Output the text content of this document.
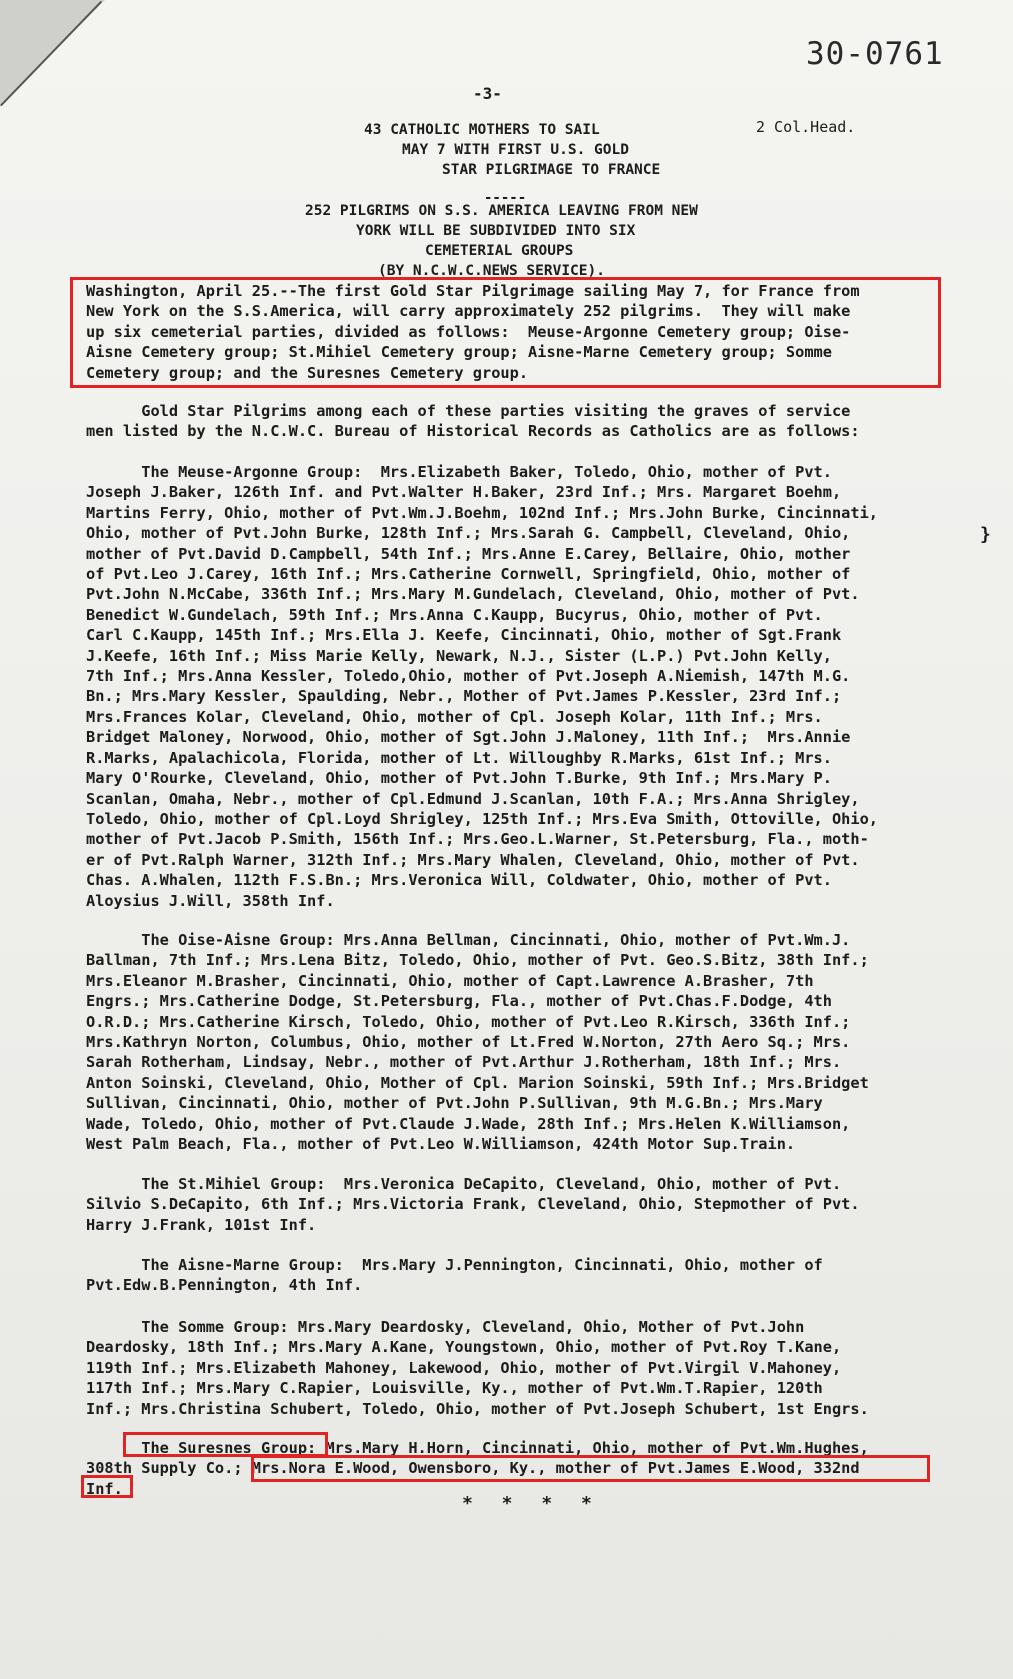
30-0761
-3-
43 CATHOLIC MOTHERS TO SAIL
MAY 7 WITH FIRST U.S. GOLD
STAR PILGRIMAGE TO FRANCE
2 Col.Head.
-----
252 PILGRIMS ON S.S. AMERICA LEAVING FROM NEW
YORK WILL BE SUBDIVIDED INTO SIX
CEMETERIAL GROUPS
(BY N.C.W.C.NEWS SERVICE).
Washington, April 25.--The first Gold Star Pilgrimage sailing May 7, for France from
New York on the S.S.America, will carry approximately 252 pilgrims.  They will make
up six cemeterial parties, divided as follows:  Meuse-Argonne Cemetery group; Oise-
Aisne Cemetery group; St.Mihiel Cemetery group; Aisne-Marne Cemetery group; Somme
Cemetery group; and the Suresnes Cemetery group.
Gold Star Pilgrims among each of these parties visiting the graves of service
men listed by the N.C.W.C. Bureau of Historical Records as Catholics are as follows:
The Meuse-Argonne Group:  Mrs.Elizabeth Baker, Toledo, Ohio, mother of Pvt.
Joseph J.Baker, 126th Inf. and Pvt.Walter H.Baker, 23rd Inf.; Mrs. Margaret Boehm,
Martins Ferry, Ohio, mother of Pvt.Wm.J.Boehm, 102nd Inf.; Mrs.John Burke, Cincinnati,
Ohio, mother of Pvt.John Burke, 128th Inf.; Mrs.Sarah G. Campbell, Cleveland, Ohio,
mother of Pvt.David D.Campbell, 54th Inf.; Mrs.Anne E.Carey, Bellaire, Ohio, mother
of Pvt.Leo J.Carey, 16th Inf.; Mrs.Catherine Cornwell, Springfield, Ohio, mother of
Pvt.John N.McCabe, 336th Inf.; Mrs.Mary M.Gundelach, Cleveland, Ohio, mother of Pvt.
Benedict W.Gundelach, 59th Inf.; Mrs.Anna C.Kaupp, Bucyrus, Ohio, mother of Pvt.
Carl C.Kaupp, 145th Inf.; Mrs.Ella J. Keefe, Cincinnati, Ohio, mother of Sgt.Frank
J.Keefe, 16th Inf.; Miss Marie Kelly, Newark, N.J., Sister (L.P.) Pvt.John Kelly,
7th Inf.; Mrs.Anna Kessler, Toledo,Ohio, mother of Pvt.Joseph A.Niemish, 147th M.G.
Bn.; Mrs.Mary Kessler, Spaulding, Nebr., Mother of Pvt.James P.Kessler, 23rd Inf.;
Mrs.Frances Kolar, Cleveland, Ohio, mother of Cpl. Joseph Kolar, 11th Inf.; Mrs.
Bridget Maloney, Norwood, Ohio, mother of Sgt.John J.Maloney, 11th Inf.;  Mrs.Annie
R.Marks, Apalachicola, Florida, mother of Lt. Willoughby R.Marks, 61st Inf.; Mrs.
Mary O'Rourke, Cleveland, Ohio, mother of Pvt.John T.Burke, 9th Inf.; Mrs.Mary P.
Scanlan, Omaha, Nebr., mother of Cpl.Edmund J.Scanlan, 10th F.A.; Mrs.Anna Shrigley,
Toledo, Ohio, mother of Cpl.Loyd Shrigley, 125th Inf.; Mrs.Eva Smith, Ottoville, Ohio,
mother of Pvt.Jacob P.Smith, 156th Inf.; Mrs.Geo.L.Warner, St.Petersburg, Fla., moth-
er of Pvt.Ralph Warner, 312th Inf.; Mrs.Mary Whalen, Cleveland, Ohio, mother of Pvt.
Chas. A.Whalen, 112th F.S.Bn.; Mrs.Veronica Will, Coldwater, Ohio, mother of Pvt.
Aloysius J.Will, 358th Inf.
The Oise-Aisne Group: Mrs.Anna Bellman, Cincinnati, Ohio, mother of Pvt.Wm.J.
Ballman, 7th Inf.; Mrs.Lena Bitz, Toledo, Ohio, mother of Pvt. Geo.S.Bitz, 38th Inf.;
Mrs.Eleanor M.Brasher, Cincinnati, Ohio, mother of Capt.Lawrence A.Brasher, 7th
Engrs.; Mrs.Catherine Dodge, St.Petersburg, Fla., mother of Pvt.Chas.F.Dodge, 4th
O.R.D.; Mrs.Catherine Kirsch, Toledo, Ohio, mother of Pvt.Leo R.Kirsch, 336th Inf.;
Mrs.Kathryn Norton, Columbus, Ohio, mother of Lt.Fred W.Norton, 27th Aero Sq.; Mrs.
Sarah Rotherham, Lindsay, Nebr., mother of Pvt.Arthur J.Rotherham, 18th Inf.; Mrs.
Anton Soinski, Cleveland, Ohio, Mother of Cpl. Marion Soinski, 59th Inf.; Mrs.Bridget
Sullivan, Cincinnati, Ohio, mother of Pvt.John P.Sullivan, 9th M.G.Bn.; Mrs.Mary
Wade, Toledo, Ohio, mother of Pvt.Claude J.Wade, 28th Inf.; Mrs.Helen K.Williamson,
West Palm Beach, Fla., mother of Pvt.Leo W.Williamson, 424th Motor Sup.Train.
The St.Mihiel Group:  Mrs.Veronica DeCapito, Cleveland, Ohio, mother of Pvt.
Silvio S.DeCapito, 6th Inf.; Mrs.Victoria Frank, Cleveland, Ohio, Stepmother of Pvt.
Harry J.Frank, 101st Inf.
The Aisne-Marne Group:  Mrs.Mary J.Pennington, Cincinnati, Ohio, mother of
Pvt.Edw.B.Pennington, 4th Inf.
The Somme Group: Mrs.Mary Deardosky, Cleveland, Ohio, Mother of Pvt.John
Deardosky, 18th Inf.; Mrs.Mary A.Kane, Youngstown, Ohio, mother of Pvt.Roy T.Kane,
119th Inf.; Mrs.Elizabeth Mahoney, Lakewood, Ohio, mother of Pvt.Virgil V.Mahoney,
117th Inf.; Mrs.Mary C.Rapier, Louisville, Ky., mother of Pvt.Wm.T.Rapier, 120th
Inf.; Mrs.Christina Schubert, Toledo, Ohio, mother of Pvt.Joseph Schubert, 1st Engrs.
The Suresnes Group: Mrs.Mary H.Horn, Cincinnati, Ohio, mother of Pvt.Wm.Hughes,
308th Supply Co.; Mrs.Nora E.Wood, Owensboro, Ky., mother of Pvt.James E.Wood, 332nd
Inf.
* * * *
}
